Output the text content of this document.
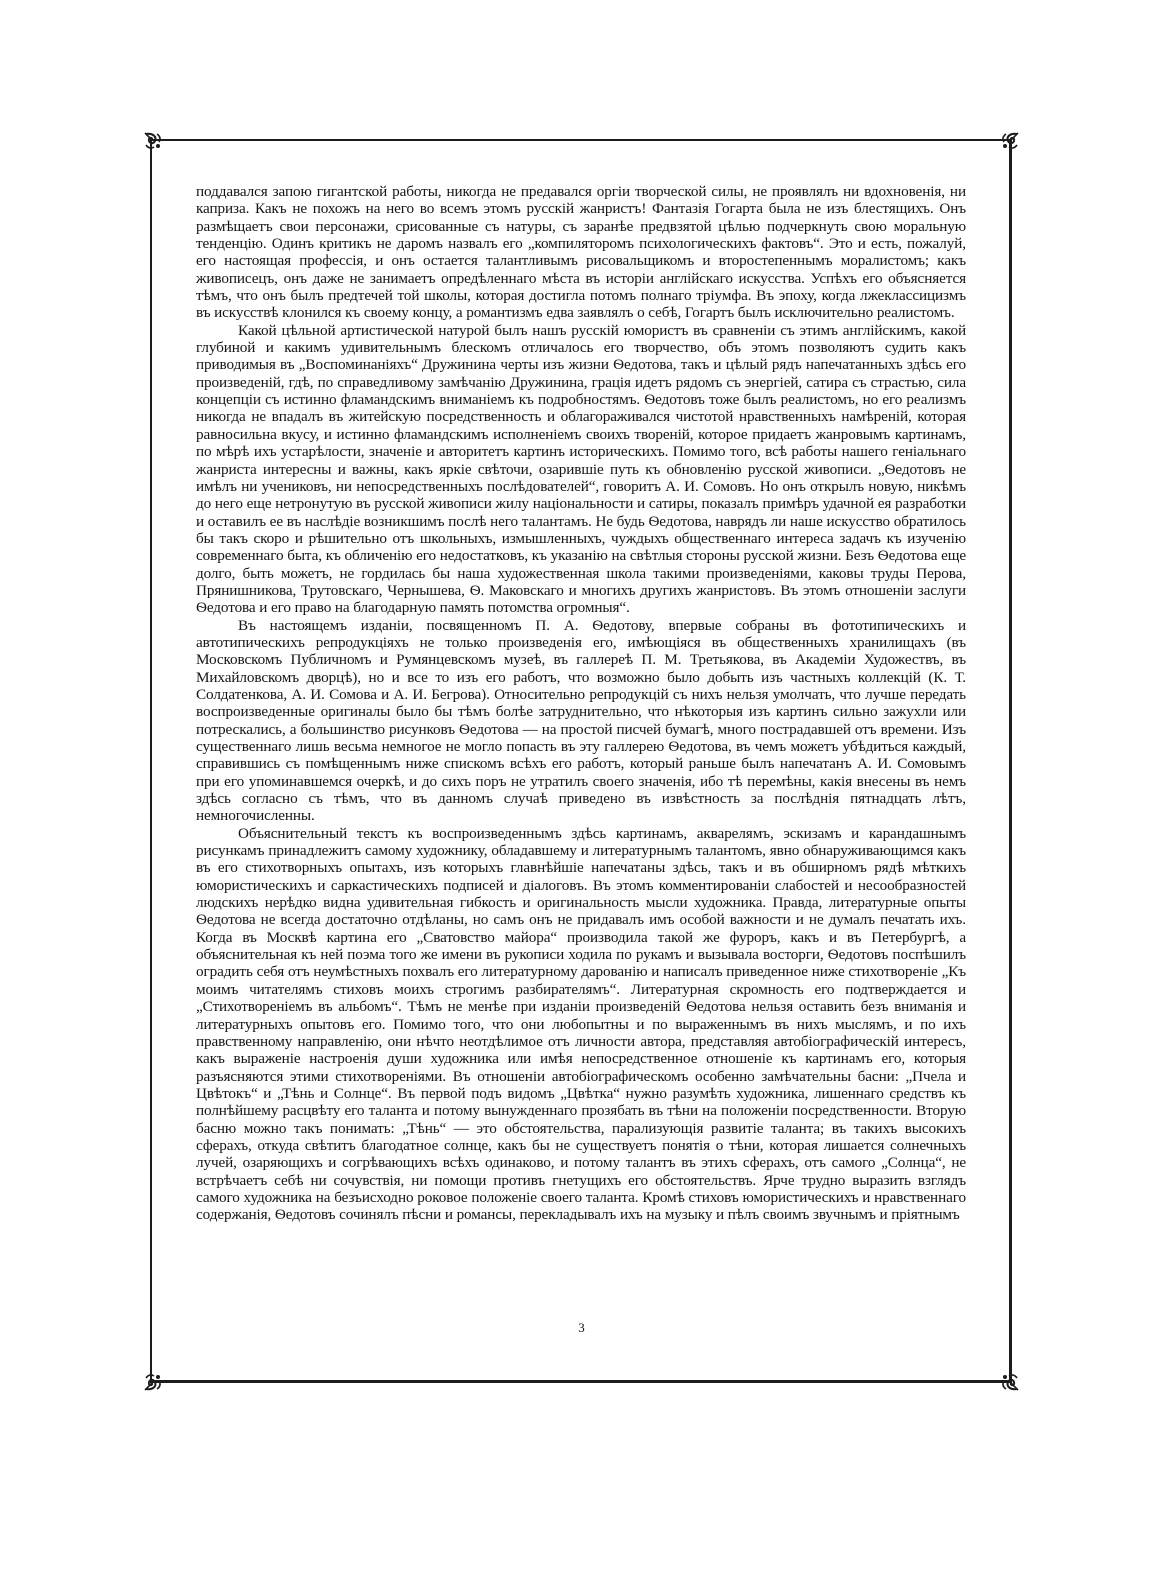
поддавался запою гигантской работы, никогда не предавался оргiи творческой силы, не проявлялъ ни вдохновенiя, ни каприза. Какъ не похожъ на него во всемъ этомъ русскiй жанристъ! Фантазiя Гогарта была не изъ блестящихъ. Онъ размѣщаетъ свои персонажи, срисованные съ натуры, съ заранѣе предвзятой цѣлью подчеркнуть свою моральную тенденцiю. Одинъ критикъ не даромъ назвалъ его „компиляторомъ психологическихъ фактовъ“. Это и есть, пожалуй, его настоящая профессiя, и онъ остается талантливымъ рисовальщикомъ и второстепеннымъ моралистомъ; какъ живописецъ, онъ даже не занимаетъ опредѣленнаго мѣста въ исторiи англiйскаго искусства. Успѣхъ его объясняется тѣмъ, что онъ былъ предтечей той школы, которая достигла потомъ полнаго трiумфа. Въ эпоху, когда лжеклассицизмъ въ искусствѣ клонился къ своему концу, а романтизмъ едва заявлялъ о себѣ, Гогартъ былъ исключительно реалистомъ.

Какой цѣльной артистической натурой былъ нашъ русскiй юмористъ въ сравненiи съ этимъ англiйскимъ, какой глубиной и какимъ удивительнымъ блескомъ отличалось его творчество, объ этомъ позволяютъ судить какъ приводимыя въ „Воспоминанiяхъ“ Дружинина черты изъ жизни Ѳедотова, такъ и цѣлый рядъ напечатанныхъ здѣсь его произведенiй, гдѣ, по справедливому замѣчанiю Дружинина, грацiя идетъ рядомъ съ энергiей, сатира съ страстью, сила концепцiи съ истинно фламандскимъ вниманiемъ къ подробностямъ. Ѳедотовъ тоже былъ реалистомъ, но его реализмъ никогда не впадалъ въ житейскую посредственность и облагораживался чистотой нравственныхъ намѣренiй, которая равносильна вкусу, и истинно фламандскимъ исполненiемъ своихъ творенiй, которое придаетъ жанровымъ картинамъ, по мѣрѣ ихъ устарѣлости, значенiе и авторитетъ картинъ историческихъ. Помимо того, всѣ работы нашего генiальнаго жанриста интересны и важны, какъ яркiе свѣточи, озарившiе путь къ обновленiю русской живописи. „Ѳедотовъ не имѣлъ ни учениковъ, ни непосредственныхъ послѣдователей“, говоритъ А. И. Сомовъ. Но онъ открылъ новую, никѣмъ до него еще нетронутую въ русской живописи жилу нацiональности и сатиры, показалъ примѣръ удачной ея разработки и оставилъ ее въ наслѣдiе возникшимъ послѣ него талантамъ. Не будь Ѳедотова, наврядъ ли наше искусство обратилось бы такъ скоро и рѣшительно отъ школьныхъ, измышленныхъ, чуждыхъ общественнаго интереса задачъ къ изученiю современнаго быта, къ обличенiю его недостатковъ, къ указанiю на свѣтлыя стороны русской жизни. Безъ Ѳедотова еще долго, быть можетъ, не гордилась бы наша художественная школа такими произведенiями, каковы труды Перова, Прянишникова, Трутовскаго, Чернышева, Ѳ. Маковскаго и многихъ другихъ жанристовъ. Въ этомъ отношенiи заслуги Ѳедотова и его право на благодарную память потомства огромныя“.

Въ настоящемъ изданiи, посвященномъ П. А. Ѳедотову, впервые собраны въ фототипическихъ и автотипическихъ репродукцiяхъ не только произведенiя его, имѣющiяся въ общественныхъ хранилищахъ (въ Московскомъ Публичномъ и Румянцевскомъ музеѣ, въ галлереѣ П. М. Третьякова, въ Академiи Художествъ, въ Михайловскомъ дворцѣ), но и все то изъ его работъ, что возможно было добыть изъ частныхъ коллекцiй (К. Т. Солдатенкова, А. И. Сомова и А. И. Бегрова). Относительно репродукцiй съ нихъ нельзя умолчать, что лучше передать воспроизведенные оригиналы было бы тѣмъ болѣе затруднительно, что нѣкоторыя изъ картинъ сильно зажухли или потрескались, а большинство рисунковъ Ѳедотова — на простой писчей бумагѣ, много пострадавшей отъ времени. Изъ существеннаго лишь весьма немногое не могло попасть въ эту галлерею Ѳедотова, въ чемъ можетъ убѣдиться каждый, справившись съ помѣщеннымъ ниже спискомъ всѣхъ его работъ, который раньше былъ напечатанъ А. И. Сомовымъ при его упоминавшемся очеркѣ, и до сихъ поръ не утратилъ своего значенiя, ибо тѣ перемѣны, какiя внесены въ немъ здѣсь согласно съ тѣмъ, что въ данномъ случаѣ приведено въ извѣстность за послѣднiя пятнадцать лѣтъ, немногочисленны.

Объяснительный текстъ къ воспроизведеннымъ здѣсь картинамъ, акварелямъ, эскизамъ и карандашнымъ рисункамъ принадлежитъ самому художнику, обладавшему и литературнымъ талантомъ, явно обнаруживающимся какъ въ его стихотворныхъ опытахъ, изъ которыхъ главнѣйшiе напечатаны здѣсь, такъ и въ обширномъ рядѣ мѣткихъ юмористическихъ и саркастическихъ подписей и дiалоговъ. Въ этомъ комментированiи слабостей и несообразностей людскихъ нерѣдко видна удивительная гибкость и оригинальность мысли художника. Правда, литературные опыты Ѳедотова не всегда достаточно отдѣланы, но самъ онъ не придавалъ имъ особой важности и не думалъ печатать ихъ. Когда въ Москвѣ картина его „Сватовство майора“ производила такой же фуроръ, какъ и въ Петербургѣ, а объяснительная къ ней поэма того же имени въ рукописи ходила по рукамъ и вызывала восторги, Ѳедотовъ поспѣшилъ оградить себя отъ неумѣстныхъ похвалъ его литературному дарованiю и написалъ приведенное ниже стихотворенiе „Къ моимъ читателямъ стиховъ моихъ строгимъ разбирателямъ“. Литературная скромность его подтверждается и „Стихотворенiемъ въ альбомъ“. Тѣмъ не менѣе при изданiи произведенiй Ѳедотова нельзя оставить безъ вниманiя и литературныхъ опытовъ его. Помимо того, что они любопытны и по выраженнымъ въ нихъ мыслямъ, и по ихъ правственному направленiю, они нѣчто неотдѣлимое отъ личности автора, представляя автобiографическiй интересъ, какъ выраженiе настроенiя души художника или имѣя непосредственное отношенiе къ картинамъ его, которыя разъясняются этими стихотворенiями. Въ отношенiи автобiографическомъ особенно замѣчательны басни: „Пчела и Цвѣтокъ“ и „Тѣнь и Солнце“. Въ первой подъ видомъ „Цвѣтка“ нужно разумѣть художника, лишеннаго средствъ къ полнѣйшему расцвѣту его таланта и потому вынужденнаго прозябать въ тѣни на положенiи посредственности. Вторую басню можно такъ понимать: „Тѣнь“ — это обстоятельства, парализующiя развитiе таланта; въ такихъ высокихъ сферахъ, откуда свѣтитъ благодатное солнце, какъ бы не существуетъ понятiя о тѣни, которая лишается солнечныхъ лучей, озаряющихъ и согрѣвающихъ всѣхъ одинаково, и потому талантъ въ этихъ сферахъ, отъ самого „Солнца“, не встрѣчаетъ себѣ ни сочувствiя, ни помощи противъ гнетущихъ его обстоятельствъ. Ярче трудно выразить взглядъ самого художника на безъисходно роковое положенiе своего таланта. Кромѣ стиховъ юмористическихъ и нравственнаго содержанiя, Ѳедотовъ сочинялъ пѣсни и романсы, перекладывалъ ихъ на музыку и пѣлъ своимъ звучнымъ и прiятнымъ

3
